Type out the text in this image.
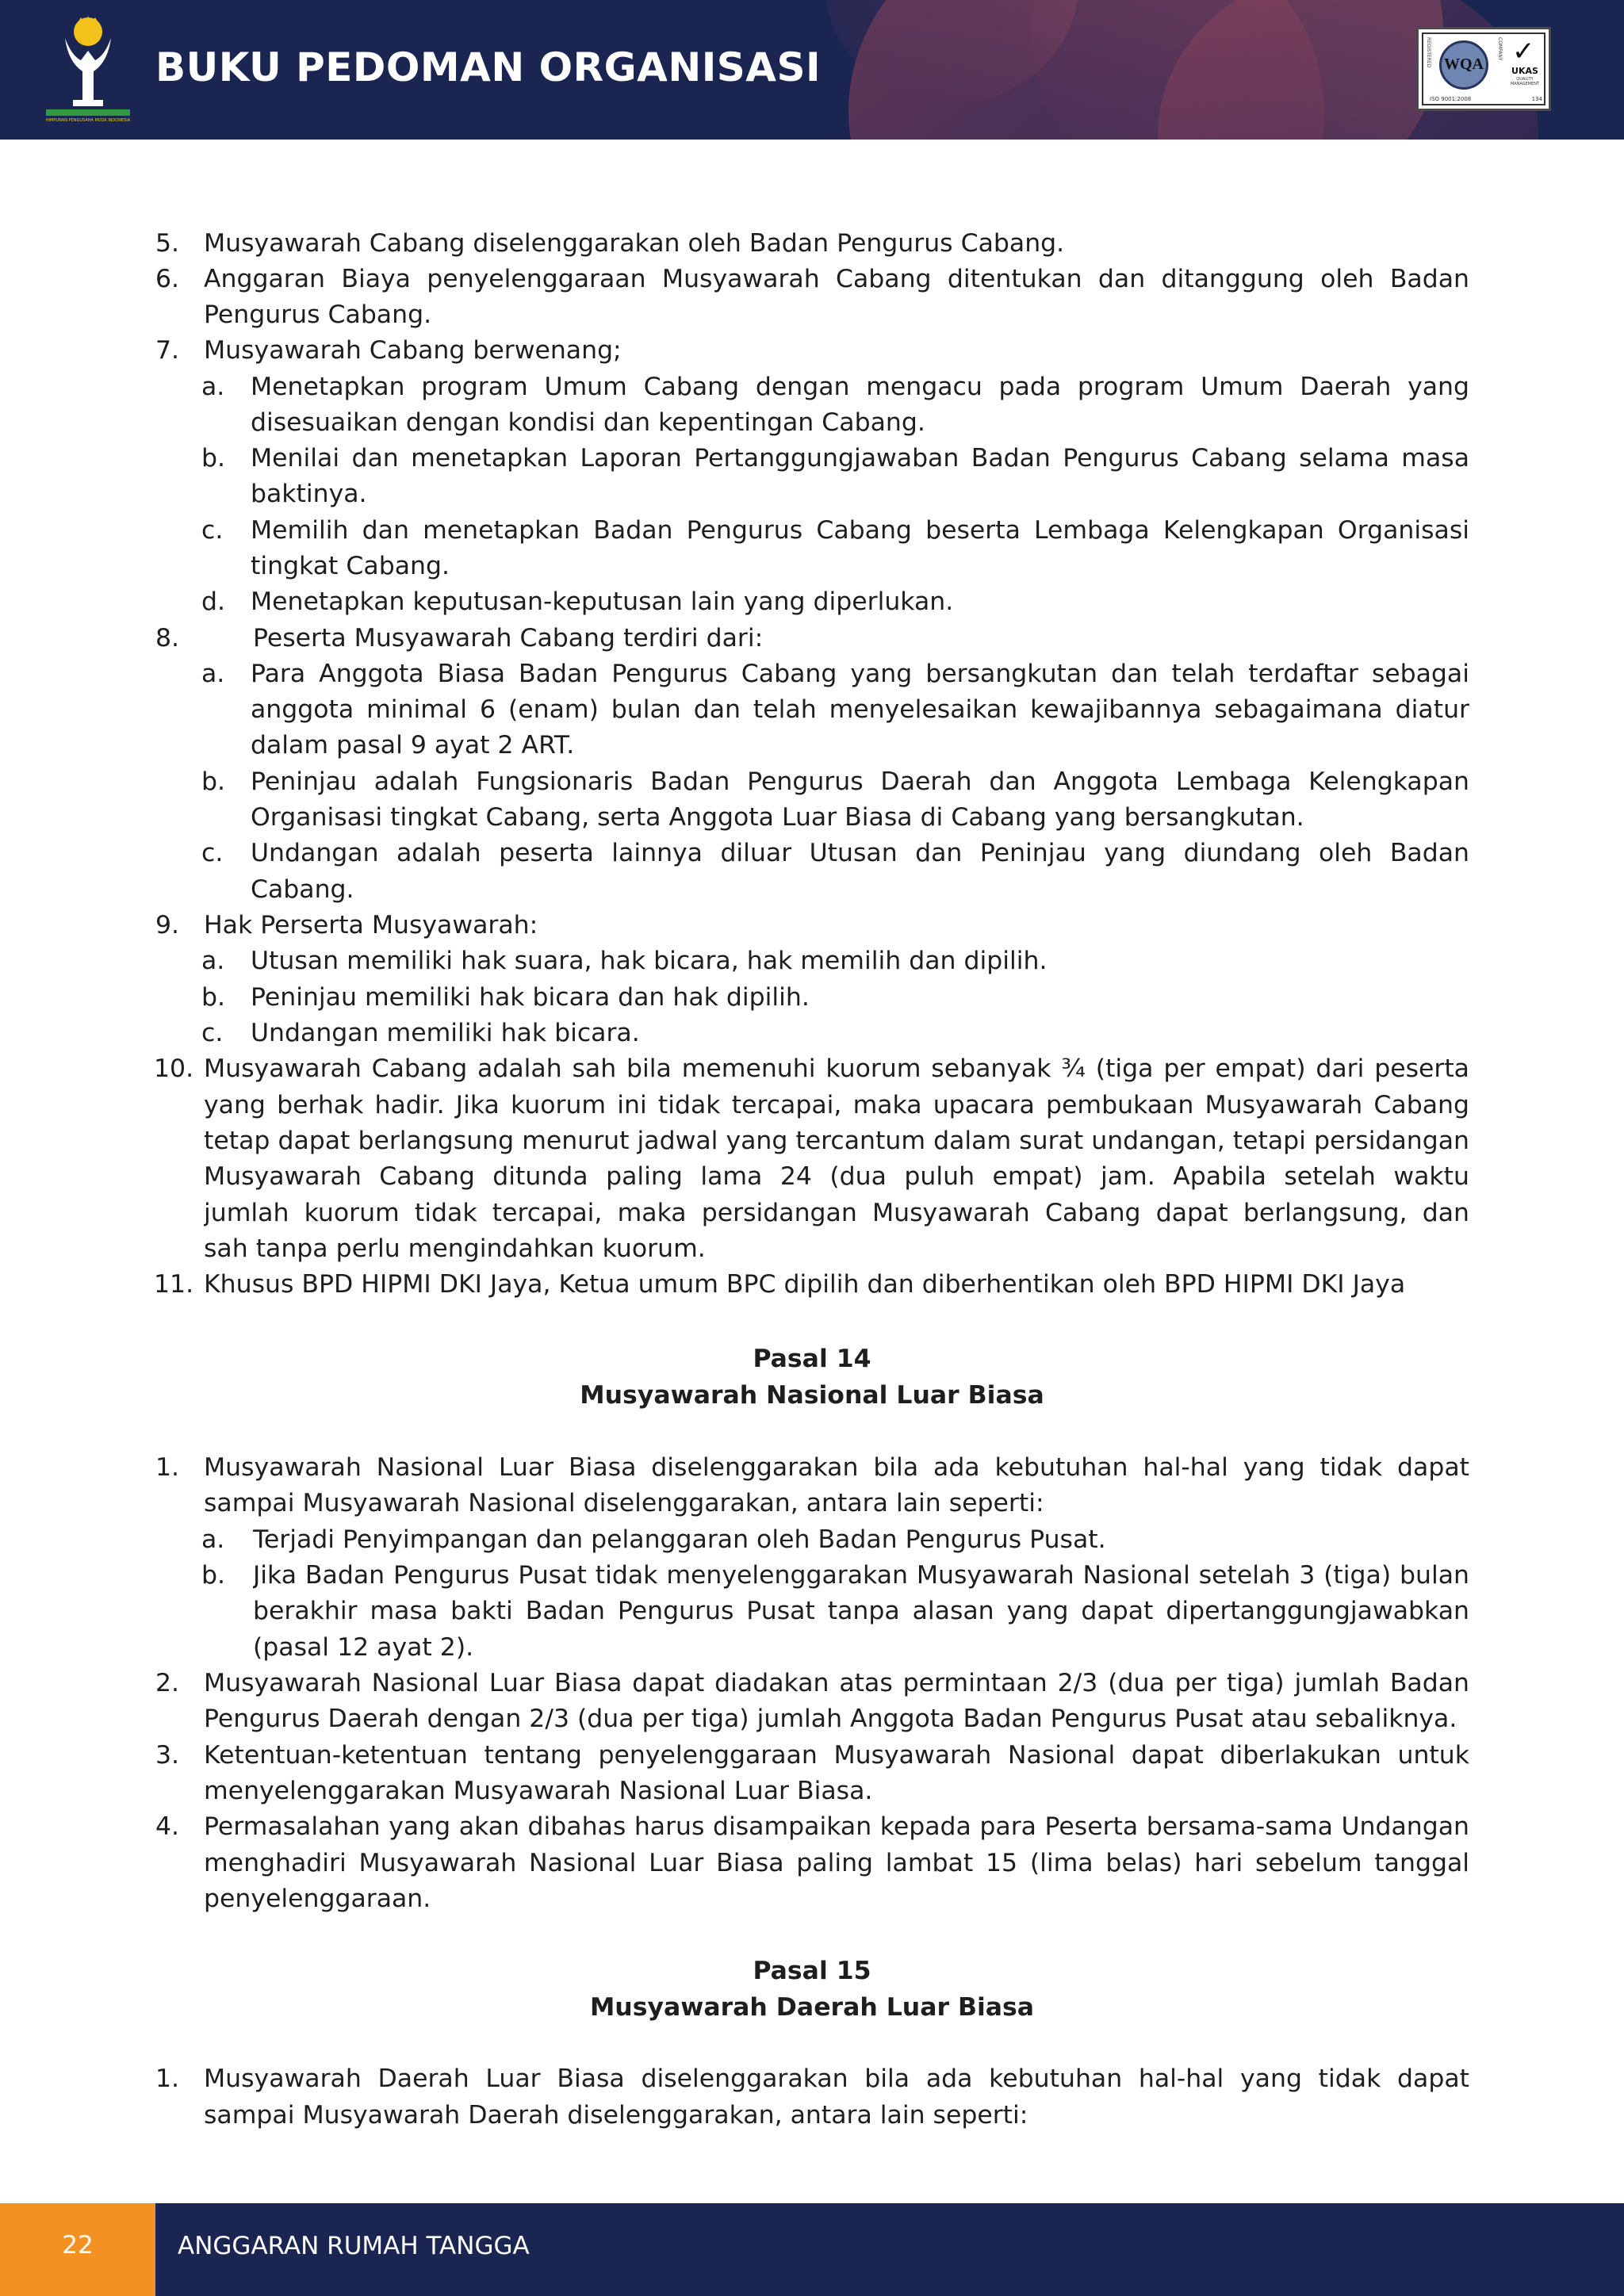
HIMPUNAN PENGUSAHA MUDA INDONESIA
BUKU PEDOMAN ORGANISASI	REGISTERED WQA
COMPANY ✓
UKAS
QUALITY MANAGEMENT
ISO 9001:2008	134
5. Musyawarah Cabang diselenggarakan oleh Badan Pengurus Cabang.
6. Anggaran Biaya penyelenggaraan Musyawarah Cabang ditentukan dan ditanggung oleh Badan
Pengurus Cabang.
7. Musyawarah Cabang berwenang;
a. Menetapkan program Umum Cabang dengan mengacu pada program Umum Daerah yang
disesuaikan dengan kondisi dan kepentingan Cabang.
b. Menilai dan menetapkan Laporan Pertanggungjawaban Badan Pengurus Cabang selama masa
baktinya.
c. Memilih dan menetapkan Badan Pengurus Cabang beserta Lembaga Kelengkapan Organisasi
tingkat Cabang.
d. Menetapkan keputusan-keputusan lain yang diperlukan.
8.	Peserta Musyawarah Cabang terdiri dari:
a. Para Anggota Biasa Badan Pengurus Cabang yang bersangkutan dan telah terdaftar sebagai
anggota minimal 6 (enam) bulan dan telah menyelesaikan kewajibannya sebagaimana diatur
dalam pasal 9 ayat 2 ART.
b. Peninjau adalah Fungsionaris Badan Pengurus Daerah dan Anggota Lembaga Kelengkapan
Organisasi tingkat Cabang, serta Anggota Luar Biasa di Cabang yang bersangkutan.
c. Undangan adalah peserta lainnya diluar Utusan dan Peninjau yang diundang oleh Badan
Cabang.
9. Hak Perserta Musyawarah:
a. Utusan memiliki hak suara, hak bicara, hak memilih dan dipilih.
b. Peninjau memiliki hak bicara dan hak dipilih.
c. Undangan memiliki hak bicara.
10. Musyawarah Cabang adalah sah bila memenuhi kuorum sebanyak ¾ (tiga per empat) dari peserta
yang berhak hadir. Jika kuorum ini tidak tercapai, maka upacara pembukaan Musyawarah Cabang
tetap dapat berlangsung menurut jadwal yang tercantum dalam surat undangan, tetapi persidangan
Musyawarah Cabang ditunda paling lama 24 (dua puluh empat) jam. Apabila setelah waktu
jumlah kuorum tidak tercapai, maka persidangan Musyawarah Cabang dapat berlangsung, dan
sah tanpa perlu mengindahkan kuorum.
11. Khusus BPD HIPMI DKI Jaya, Ketua umum BPC dipilih dan diberhentikan oleh BPD HIPMI DKI Jaya
Pasal 14
Musyawarah Nasional Luar Biasa
1. Musyawarah Nasional Luar Biasa diselenggarakan bila ada kebutuhan hal-hal yang tidak dapat
sampai Musyawarah Nasional diselenggarakan, antara lain seperti:
a. Terjadi Penyimpangan dan pelanggaran oleh Badan Pengurus Pusat.
b. Jika Badan Pengurus Pusat tidak menyelenggarakan Musyawarah Nasional setelah 3 (tiga) bulan
berakhir masa bakti Badan Pengurus Pusat tanpa alasan yang dapat dipertanggungjawabkan
(pasal 12 ayat 2).
2. Musyawarah Nasional Luar Biasa dapat diadakan atas permintaan 2/3 (dua per tiga) jumlah Badan
Pengurus Daerah dengan 2/3 (dua per tiga) jumlah Anggota Badan Pengurus Pusat atau sebaliknya.
3. Ketentuan-ketentuan tentang penyelenggaraan Musyawarah Nasional dapat diberlakukan untuk
menyelenggarakan Musyawarah Nasional Luar Biasa.
4. Permasalahan yang akan dibahas harus disampaikan kepada para Peserta bersama-sama Undangan
menghadiri Musyawarah Nasional Luar Biasa paling lambat 15 (lima belas) hari sebelum tanggal
penyelenggaraan.
Pasal 15
Musyawarah Daerah Luar Biasa
1. Musyawarah Daerah Luar Biasa diselenggarakan bila ada kebutuhan hal-hal yang tidak dapat
sampai Musyawarah Daerah diselenggarakan, antara lain seperti:
22	ANGGARAN RUMAH TANGGA
